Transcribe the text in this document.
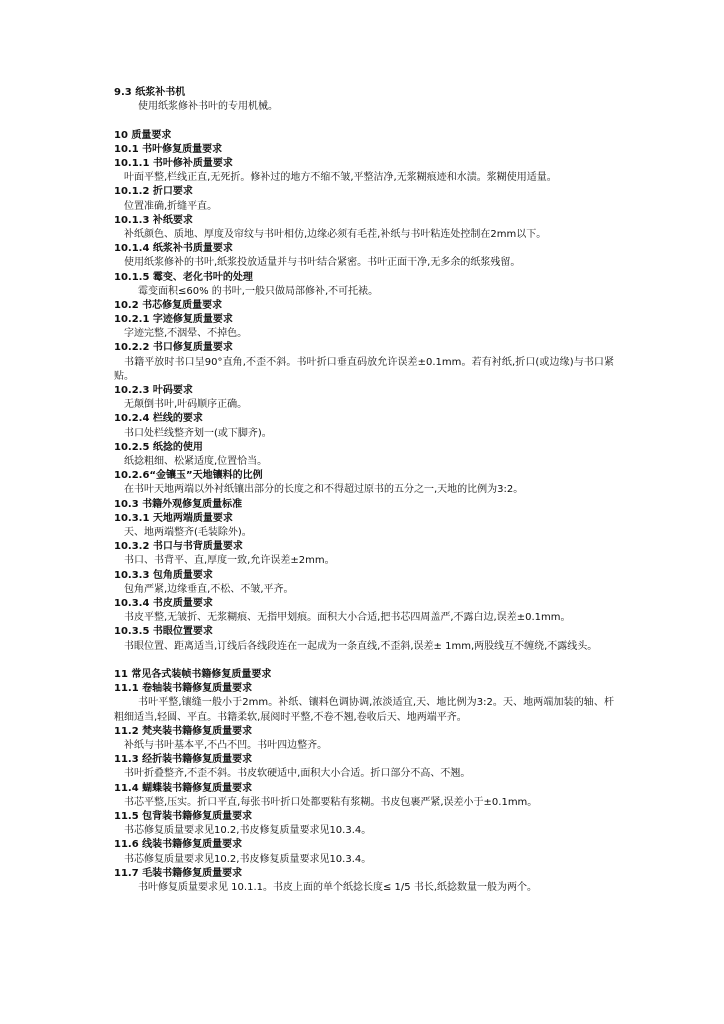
9.3 纸浆补书机
使用纸浆修补书叶的专用机械。
10 质量要求
10.1 书叶修复质量要求
10.1.1 书叶修补质量要求
叶面平整,栏线正直,无死折。修补过的地方不缩不皱,平整洁净,无浆糊痕迹和水渍。浆糊使用适量。
10.1.2 折口要求
位置准确,折缝平直。
10.1.3 补纸要求
补纸颜色、质地、厚度及帘纹与书叶相仿,边缘必须有毛茬,补纸与书叶粘连处控制在2mm以下。
10.1.4 纸浆补书质量要求
使用纸浆修补的书叶,纸浆投放适量并与书叶结合紧密。书叶正面干净,无多余的纸浆残留。
10.1.5 霉变、老化书叶的处理
霉变面积≤60% 的书叶,一般只做局部修补,不可托裱。
10.2 书芯修复质量要求
10.2.1 字迹修复质量要求
字迹完整,不洇晕、不掉色。
10.2.2 书口修复质量要求
书籍平放时书口呈90°直角,不歪不斜。书叶折口垂直码放允许误差±0.1mm。若有衬纸,折口(或边缘)与书口紧贴。
10.2.3 叶码要求
无颠倒书叶,叶码顺序正确。
10.2.4 栏线的要求
书口处栏线整齐划一(或下脚齐)。
10.2.5 纸捻的使用
纸捻粗细、松紧适度,位置恰当。
10.2.6“金镶玉”天地镶料的比例
在书叶天地两端以外衬纸镶出部分的长度之和不得超过原书的五分之一,天地的比例为3:2。
10.3 书籍外观修复质量标准
10.3.1 天地两端质量要求
天、地两端整齐(毛装除外)。
10.3.2 书口与书背质量要求
书口、书背平、直,厚度一致,允许误差±2mm。
10.3.3 包角质量要求
包角严紧,边缘垂直,不松、不皱,平齐。
10.3.4 书皮质量要求
书皮平整,无皱折、无浆糊痕、无指甲划痕。面积大小合适,把书芯四周盖严,不露白边,误差±0.1mm。
10.3.5 书眼位置要求
书眼位置、距离适当,订线后各线段连在一起成为一条直线,不歪斜,误差± 1mm,两股线互不缠绕,不露线头。
11 常见各式装帧书籍修复质量要求
11.1 卷轴装书籍修复质量要求
书叶平整,镶缝一般小于2mm。补纸、镶料色调协调,浓淡适宜,天、地比例为3:2。天、地两端加装的轴、杆粗细适当,轻圆、平直。书籍柔软,展阅时平整,不卷不翘,卷收后天、地两端平齐。
11.2 梵夹装书籍修复质量要求
补纸与书叶基本平,不凸不凹。书叶四边整齐。
11.3 经折装书籍修复质量要求
书叶折叠整齐,不歪不斜。书皮软硬适中,面积大小合适。折口部分不高、不翘。
11.4 蝴蝶装书籍修复质量要求
书芯平整,压实。折口平直,每张书叶折口处都要粘有浆糊。书皮包裹严紧,误差小于±0.1mm。
11.5 包背装书籍修复质量要求
书芯修复质量要求见10.2,书皮修复质量要求见10.3.4。
11.6 线装书籍修复质量要求
书芯修复质量要求见10.2,书皮修复质量要求见10.3.4。
11.7 毛装书籍修复质量要求
书叶修复质量要求见 10.1.1。书皮上面的单个纸捻长度≤ 1/5 书长,纸捻数量一般为两个。
